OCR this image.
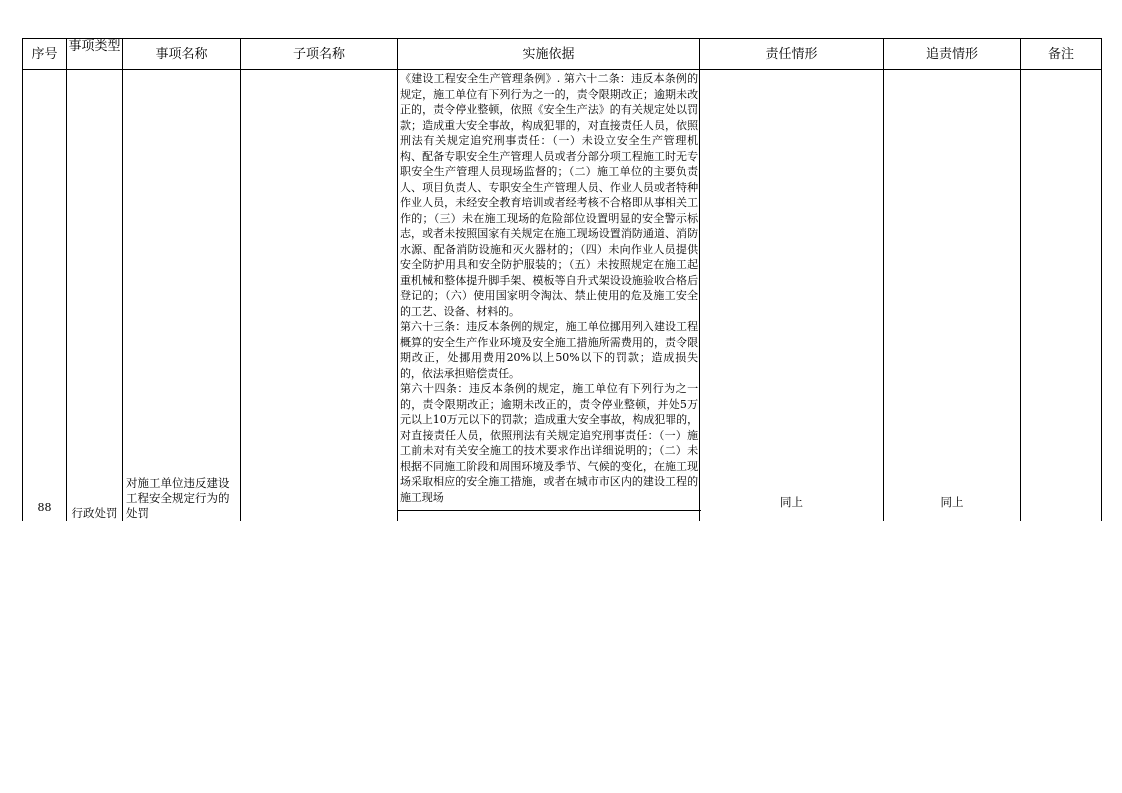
序号	事项类型	事项名称	子项名称	实施依据	责任情形	追责情形	备注

88	行政处罚	对施工单位违反建设工程安全规定行为的处罚		《建设工程安全生产管理条例》. 第六十二条：违反本条例的规定，施工单位有下列行为之一的，责令限期改正；逾期未改正的，责令停业整顿，依照《安全生产法》的有关规定处以罚款；造成重大安全事故，构成犯罪的，对直接责任人员，依照刑法有关规定追究刑事责任：（一）未设立安全生产管理机构、配备专职安全生产管理人员或者分部分项工程施工时无专职安全生产管理人员现场监督的；（二）施工单位的主要负责人、项目负责人、专职安全生产管理人员、作业人员或者特种作业人员，未经安全教育培训或者经考核不合格即从事相关工作的；（三）未在施工现场的危险部位设置明显的安全警示标志，或者未按照国家有关规定在施工现场设置消防通道、消防水源、配备消防设施和灭火器材的；（四）未向作业人员提供安全防护用具和安全防护服装的；（五）未按照规定在施工起重机械和整体提升脚手架、模板等自升式架设设施验收合格后登记的；（六）使用国家明令淘汰、禁止使用的危及施工安全的工艺、设备、材料的。
第六十三条：违反本条例的规定，施工单位挪用列入建设工程概算的安全生产作业环境及安全施工措施所需费用的，责令限期改正，处挪用费用20%以上50%以下的罚款；造成损失的，依法承担赔偿责任。
第六十四条：违反本条例的规定，施工单位有下列行为之一的，责令限期改正；逾期未改正的，责令停业整顿，并处5万元以上10万元以下的罚款；造成重大安全事故，构成犯罪的，对直接责任人员，依照刑法有关规定追究刑事责任：（一）施工前未对有关安全施工的技术要求作出详细说明的；（二）未根据不同施工阶段和周围环境及季节、气候的变化，在施工现场采取相应的安全施工措施，或者在城市市区内的建设工程的施工现场	同上	同上	
